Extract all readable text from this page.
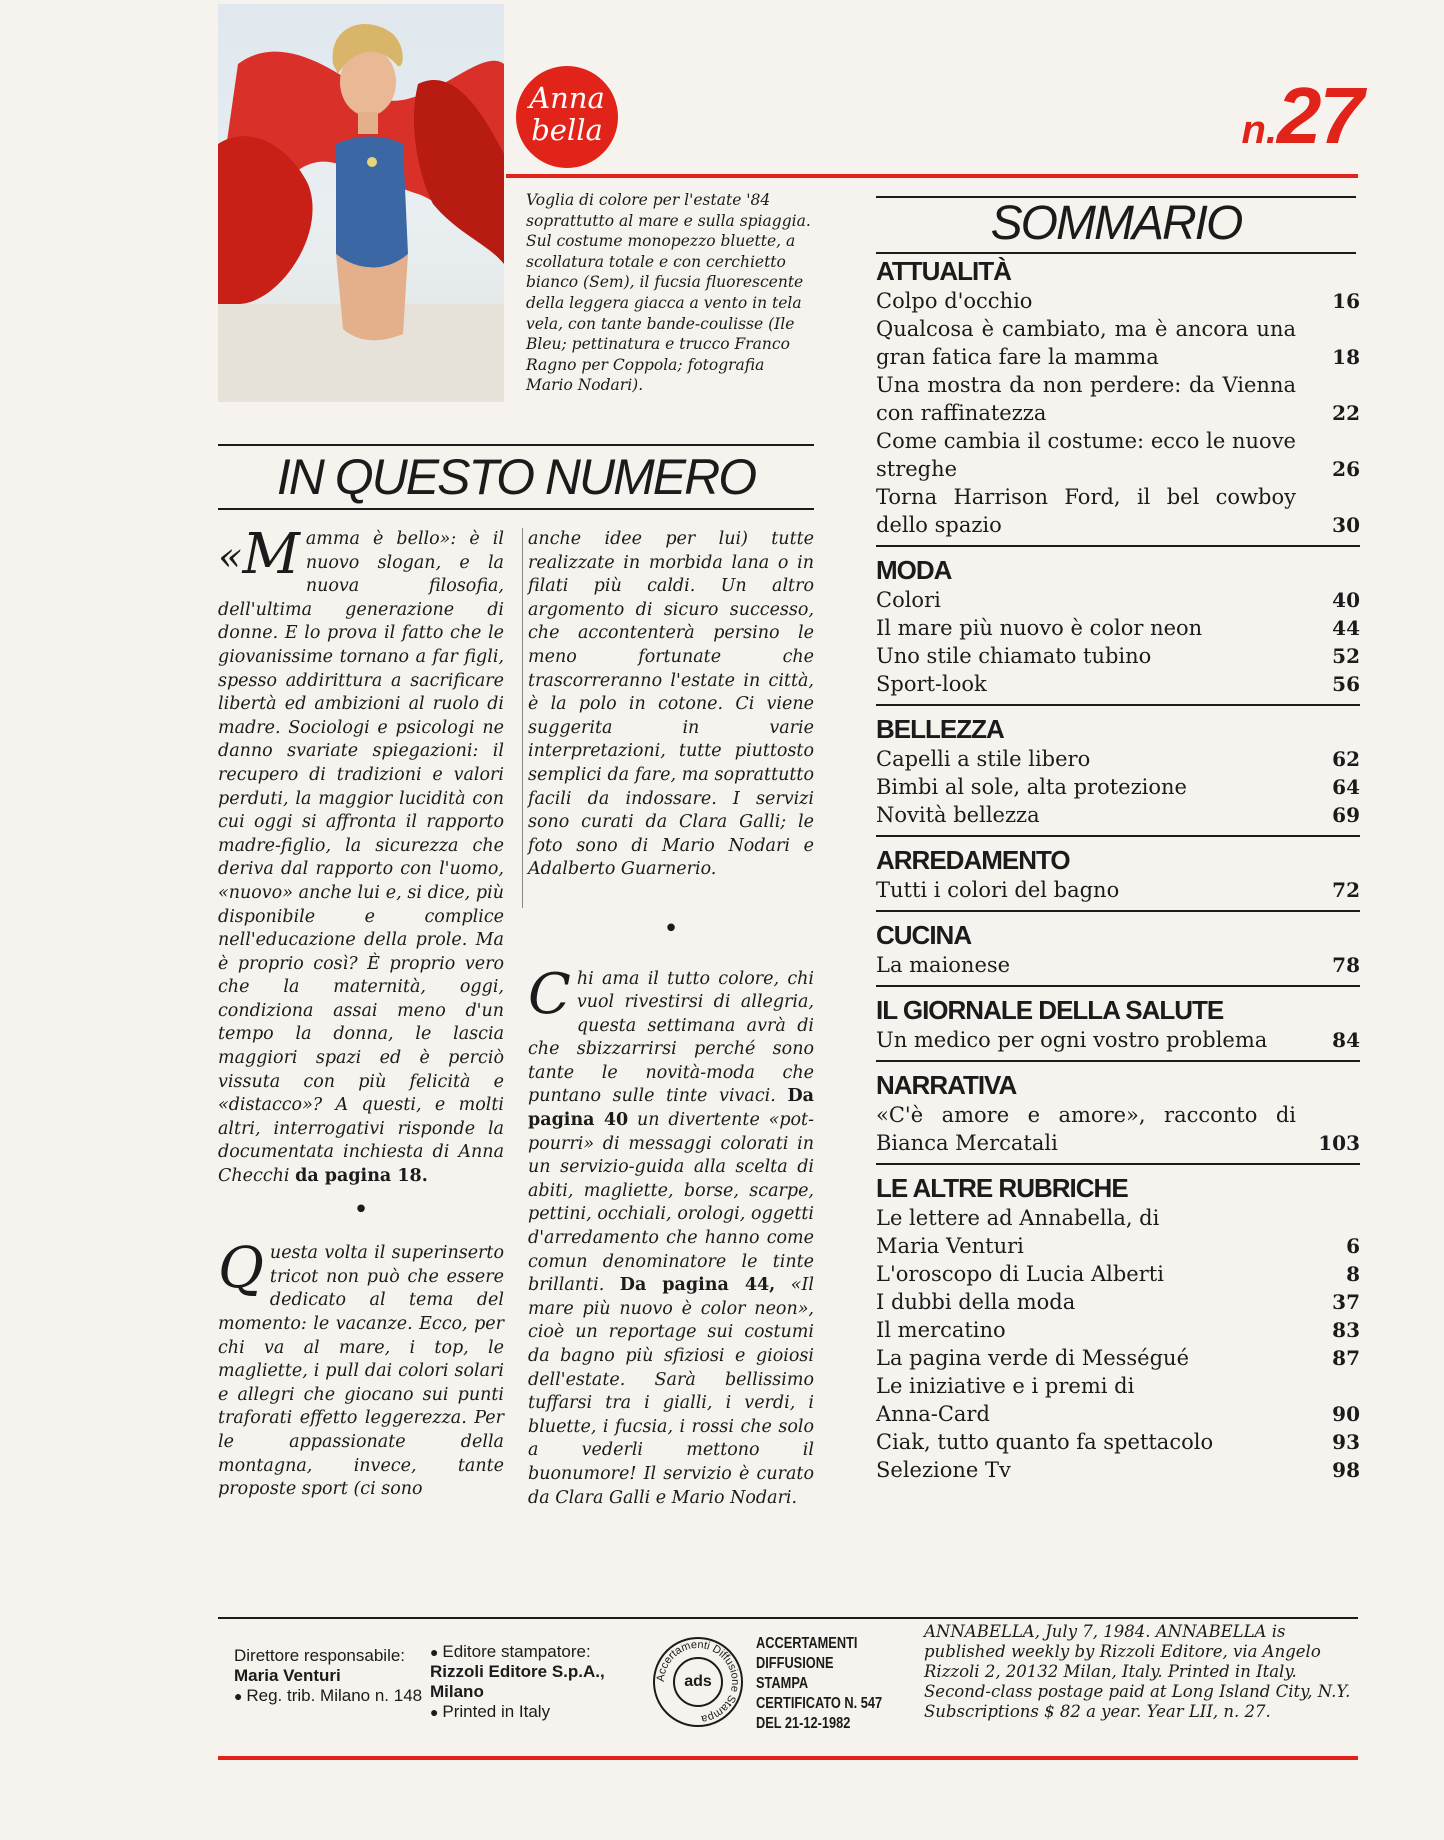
Anna
bella	n.27
Voglia di colore per l'estate '84 soprattutto al mare e sulla spiaggia. Sul costume monopezzo bluette, a scollatura totale e con cerchietto bianco (Sem), il fucsia fluorescente della leggera giacca a vento in tela vela, con tante bande-coulisse (Ile Bleu; pettinatura e trucco Franco Ragno per Coppola; fotografia Mario Nodari).
IN QUESTO NUMERO
« M amma è bello»: è il nuovo slogan, e la nuova filosofia, dell'ultima generazione di donne. E lo prova il fatto che le giovanissime tornano a far figli, spesso addirittura a sacrificare libertà ed ambizioni al ruolo di madre. Sociologi e psicologi ne danno svariate spiegazioni: il recupero di tradizioni e valori perduti, la maggior lucidità con cui oggi si affronta il rapporto madre-figlio, la sicurezza che deriva dal rapporto con l'uomo, «nuovo» anche lui e, si dice, più disponibile e complice nell'educazione della prole. Ma è proprio così? È proprio vero che la maternità, oggi, condiziona assai meno d'un tempo la donna, le lascia maggiori spazi ed è perciò vissuta con più felicità e «distacco»? A questi, e molti altri, interrogativi risponde la documentata inchiesta di Anna Checchi da pagina 18.
•
Questa volta il superinserto tricot non può che essere dedicato al tema del momento: le vacanze. Ecco, per chi va al mare, i top, le magliette, i pull dai colori solari e allegri che giocano sui punti traforati effetto leggerezza. Per le appassionate della montagna, invece, tante proposte sport (ci sono
anche idee per lui) tutte realizzate in morbida lana o in filati più caldi. Un altro argomento di sicuro successo, che accontenterà persino le meno fortunate che trascorreranno l'estate in città, è la polo in cotone. Ci viene suggerita in varie interpretazioni, tutte piuttosto semplici da fare, ma soprattutto facili da indossare. I servizi sono curati da Clara Galli; le foto sono di Mario Nodari e Adalberto Guarnerio.
•
Chi ama il tutto colore, chi vuol rivestirsi di allegria, questa settimana avrà di che sbizzarrirsi perché sono tante le novità-moda che puntano sulle tinte vivaci. Da pagina 40 un divertente «pot-pourri» di messaggi colorati in un servizio-guida alla scelta di abiti, magliette, borse, scarpe, pettini, occhiali, orologi, oggetti d'arredamento che hanno come comun denominatore le tinte brillanti. Da pagina 44, «Il mare più nuovo è color neon», cioè un reportage sui costumi da bagno più sfiziosi e gioiosi dell'estate. Sarà bellissimo tuffarsi tra i gialli, i verdi, i bluette, i fucsia, i rossi che solo a vederli mettono il buonumore! Il servizio è curato da Clara Galli e Mario Nodari.
SOMMARIO
ATTUALITÀ
Colpo d'occhio	16
Qualcosa è cambiato, ma è ancora una gran fatica fare la mamma	18
Una mostra da non perdere: da Vienna con raffinatezza	22
Come cambia il costume: ecco le nuove streghe	26
Torna Harrison Ford, il bel cowboy dello spazio	30
MODA
Colori	40
Il mare più nuovo è color neon	44
Uno stile chiamato tubino	52
Sport-look	56
BELLEZZA
Capelli a stile libero	62
Bimbi al sole, alta protezione	64
Novità bellezza	69
ARREDAMENTO
Tutti i colori del bagno	72
CUCINA
La maionese	78
IL GIORNALE DELLA SALUTE
Un medico per ogni vostro problema	84
NARRATIVA
«C'è amore e amore», racconto di Bianca Mercatali	103
LE ALTRE RUBRICHE
Le lettere ad Annabella, di Maria Venturi	6
L'oroscopo di Lucia Alberti	8
I dubbi della moda	37
Il mercatino	83
La pagina verde di Mességué	87
Le iniziative e i premi di Anna-Card	90
Ciak, tutto quanto fa spettacolo	93
Selezione Tv	98
Direttore responsabile:
Maria Venturi
● Reg. trib. Milano n. 148
● Editore stampatore:
Rizzoli Editore S.p.A., Milano
● Printed in Italy
Accertamenti Diffusione Stampa
ads
ACCERTAMENTI
DIFFUSIONE
STAMPA
CERTIFICATO N. 547
DEL 21-12-1982
ANNABELLA, July 7, 1984. ANNABELLA is published weekly by Rizzoli Editore, via Angelo Rizzoli 2, 20132 Milan, Italy. Printed in Italy. Second-class postage paid at Long Island City, N.Y. Subscriptions $ 82 a year. Year LII, n. 27.
